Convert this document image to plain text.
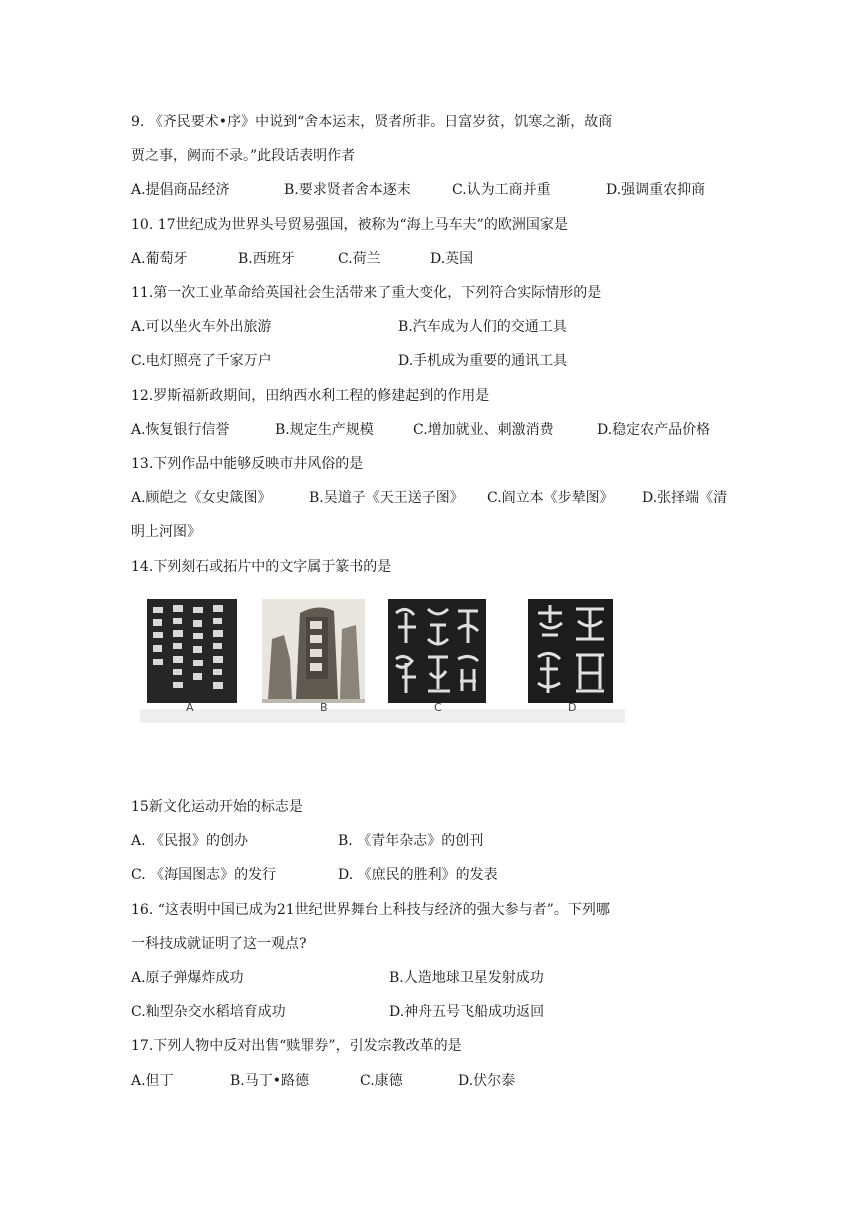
9. 《齐民要术•序》中说到“舍本运末，贤者所非。日富岁贫，饥寒之渐，故商
贾之事，阙而不录。”此段话表明作者
A.提倡商品经济	B.要求贤者舍本逐末	C.认为工商并重	D.强调重农抑商
10. 17世纪成为世界头号贸易强国，被称为“海上马车夫”的欧洲国家是
A.葡萄牙	B.西班牙	C.荷兰	D.英国
11.第一次工业革命给英国社会生活带来了重大变化，下列符合实际情形的是
A.可以坐火车外出旅游	B.汽车成为人们的交通工具
C.电灯照亮了千家万户	D.手机成为重要的通讯工具
12.罗斯福新政期间，田纳西水利工程的修建起到的作用是
A.恢复银行信誉	B.规定生产规模	C.增加就业、刺激消费	D.稳定农产品价格
13.下列作品中能够反映市井风俗的是
A.顾皑之《女史箴图》	B.吴道子《天王送子图》 C.阎立本《步辇图》 D.张择端《清
明上河图》
14.下列刻石或拓片中的文字属于篆书的是
A	B	C	D
15新文化运动开始的标志是
A. 《民报》的创办	B. 《青年杂志》的创刊
C. 《海国图志》的发行	D. 《庶民的胜利》的发表
16. “这表明中国已成为21世纪世界舞台上科技与经济的强大参与者”。下列哪
一科技成就证明了这一观点?
A.原子弹爆炸成功	B.人造地球卫星发射成功
C.籼型杂交水稻培育成功	D.神舟五号飞船成功返回
17.下列人物中反对出售“赎罪券”，引发宗教改革的是
A.但丁	B.马丁•路德	C.康德	D.伏尔泰
